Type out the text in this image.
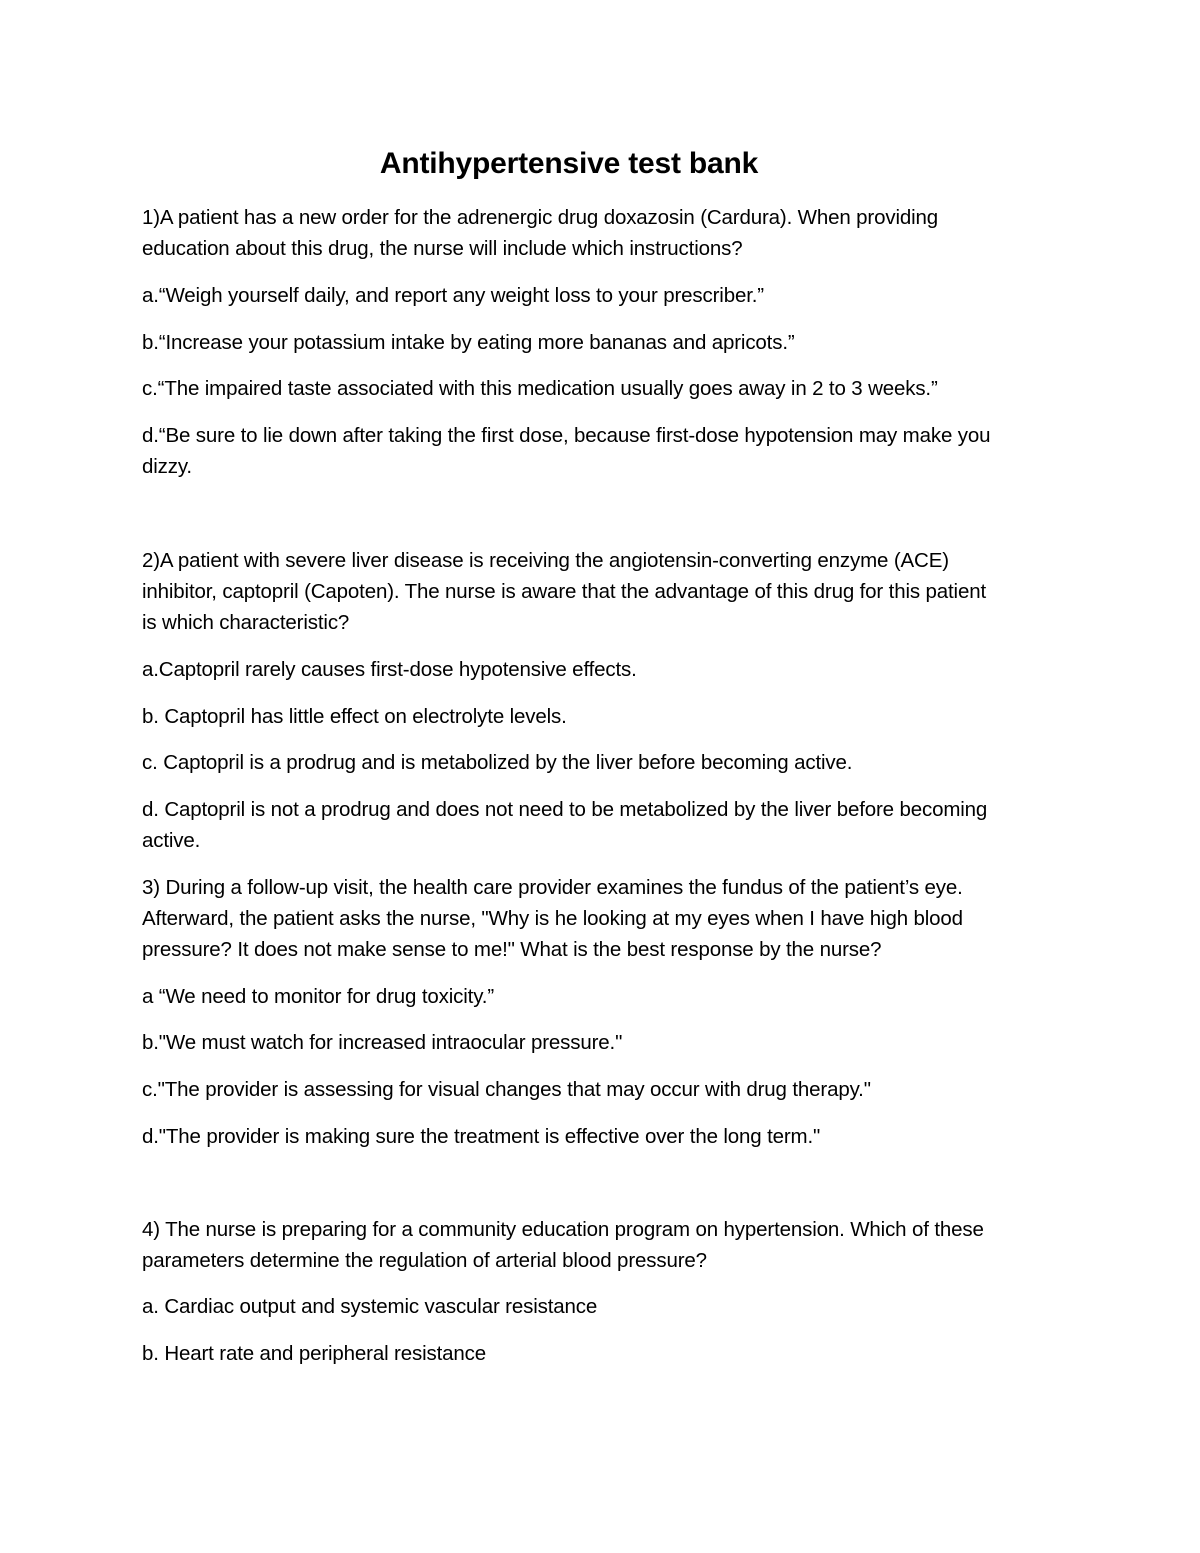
Antihypertensive test bank
1)A patient has a new order for the adrenergic drug doxazosin (Cardura). When providing
education about this drug, the nurse will include which instructions?
a.“Weigh yourself daily, and report any weight loss to your prescriber.”
b.“Increase your potassium intake by eating more bananas and apricots.”
c.“The impaired taste associated with this medication usually goes away in 2 to 3 weeks.”
d.“Be sure to lie down after taking the first dose, because first-dose hypotension may make you
dizzy.
2)A patient with severe liver disease is receiving the angiotensin-converting enzyme (ACE)
inhibitor, captopril (Capoten). The nurse is aware that the advantage of this drug for this patient
is which characteristic?
a.Captopril rarely causes first-dose hypotensive effects.
b. Captopril has little effect on electrolyte levels.
c. Captopril is a prodrug and is metabolized by the liver before becoming active.
d. Captopril is not a prodrug and does not need to be metabolized by the liver before becoming
active.
3) During a follow-up visit, the health care provider examines the fundus of the patient’s eye.
Afterward, the patient asks the nurse, "Why is he looking at my eyes when I have high blood
pressure? It does not make sense to me!" What is the best response by the nurse?
a “We need to monitor for drug toxicity.”
b."We must watch for increased intraocular pressure."
c."The provider is assessing for visual changes that may occur with drug therapy."
d."The provider is making sure the treatment is effective over the long term."
4) The nurse is preparing for a community education program on hypertension. Which of these
parameters determine the regulation of arterial blood pressure?
a. Cardiac output and systemic vascular resistance
b. Heart rate and peripheral resistance
